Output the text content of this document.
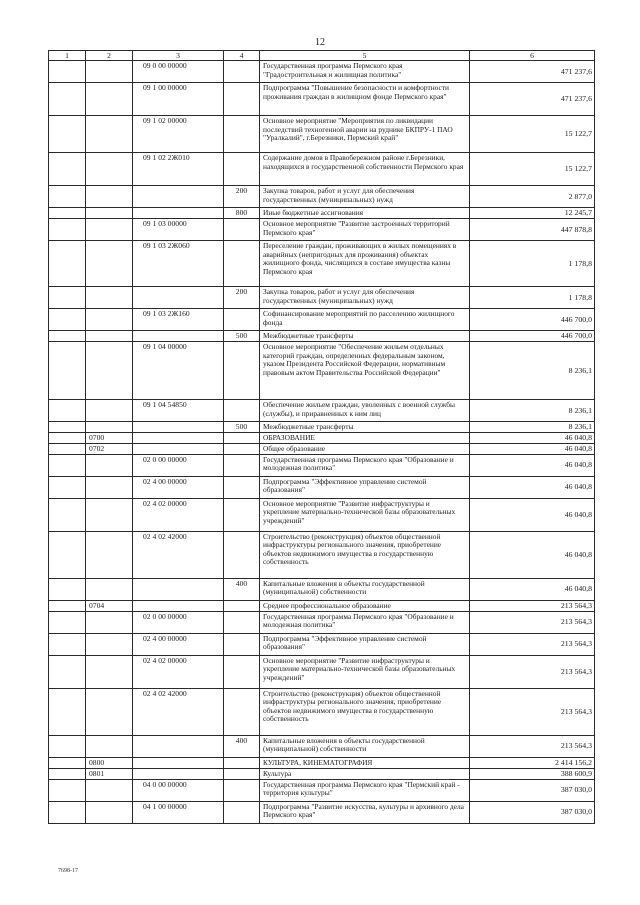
12
1	2	3	4	5	6
		09 0 00 00000		Государственная программа Пермского края "Градостроительная и жилищная политика"	471 237,6
		09 1 00 00000		Подпрограмма "Повышение безопасности и комфортности проживания граждан в жилищном фонде Пермского края"	471 237,6
		09 1 02 00000		Основное мероприятие "Мероприятия по ликвидации последствий техногенной аварии на руднике БКПРУ-1 ПАО "Уралкалий", г.Березники, Пермский край"	15 122,7
		09 1 02 2Ж010		Содержание домов в Правобережном районе г.Березники, находящихся в государственной собственности Пермского края	15 122,7
			200	Закупка товаров, работ и услуг для обеспечения государственных (муниципальных) нужд	2 877,0
			800	Иные бюджетные ассигнования	12 245,7
		09 1 03 00000		Основное мероприятие "Развитие застроенных территорий Пермского края"	447 878,8
		09 1 03 2Ж060		Переселение граждан, проживающих в жилых помещениях в аварийных (непригодных для проживания) объектах жилищного фонда, числящихся в составе имущества казны Пермского края	1 178,8
			200	Закупка товаров, работ и услуг для обеспечения государственных (муниципальных) нужд	1 178,8
		09 1 03 2Ж160		Софинансирование мероприятий по расселению жилищного фонда	446 700,0
			500	Межбюджетные трансферты	446 700,0
		09 1 04 00000		Основное мероприятие "Обеспечение жильем отдельных категорий граждан, определенных федеральным законом, указом Президента Российской Федерации, нормативным правовым актом Правительства Российской Федерации"	8 236,1
		09 1 04 54850		Обеспечение жильем граждан, уволенных с военной службы (службы), и приравненных к ним лиц	8 236,1
			500	Межбюджетные трансферты	8 236,1
	0700			ОБРАЗОВАНИЕ	46 040,8
	0702			Общее образование	46 040,8
		02 0 00 00000		Государственная программа Пермского края "Образование и молодежная политика"	46 040,8
		02 4 00 00000		Подпрограмма "Эффективное управление системой образования"	46 040,8
		02 4 02 00000		Основное мероприятие "Развитие инфраструктуры и укрепление материально-технической базы образовательных учреждений"	46 040,8
		02 4 02 42000		Строительство (реконструкция) объектов общественной инфраструктуры регионального значения, приобретение объектов недвижимого имущества в государственную собственность	46 040,8
			400	Капитальные вложения в объекты государственной (муниципальной) собственности	46 040,8
	0704			Среднее профессиональное образование	213 564,3
		02 0 00 00000		Государственная программа Пермского края "Образование и молодежная политика"	213 564,3
		02 4 00 00000		Подпрограмма "Эффективное управление системой образования"	213 564,3
		02 4 02 00000		Основное мероприятие "Развитие инфраструктуры и укрепление материально-технической базы образовательных учреждений"	213 564,3
		02 4 02 42000		Строительство (реконструкция) объектов общественной инфраструктуры регионального значения, приобретение объектов недвижимого имущества в государственную собственность	213 564,3
			400	Капитальные вложения в объекты государственной (муниципальной) собственности	213 564,3
	0800			КУЛЬТУРА, КИНЕМАТОГРАФИЯ	2 414 156,2
	0801			Культура	388 600,9
		04 0 00 00000		Государственная программа Пермского края "Пермский край - территория культуры"	387 030,0
		04 1 00 00000		Подпрограмма "Развитие искусства, культуры и архивного дела Пермского края"	387 030,0
7698-17
